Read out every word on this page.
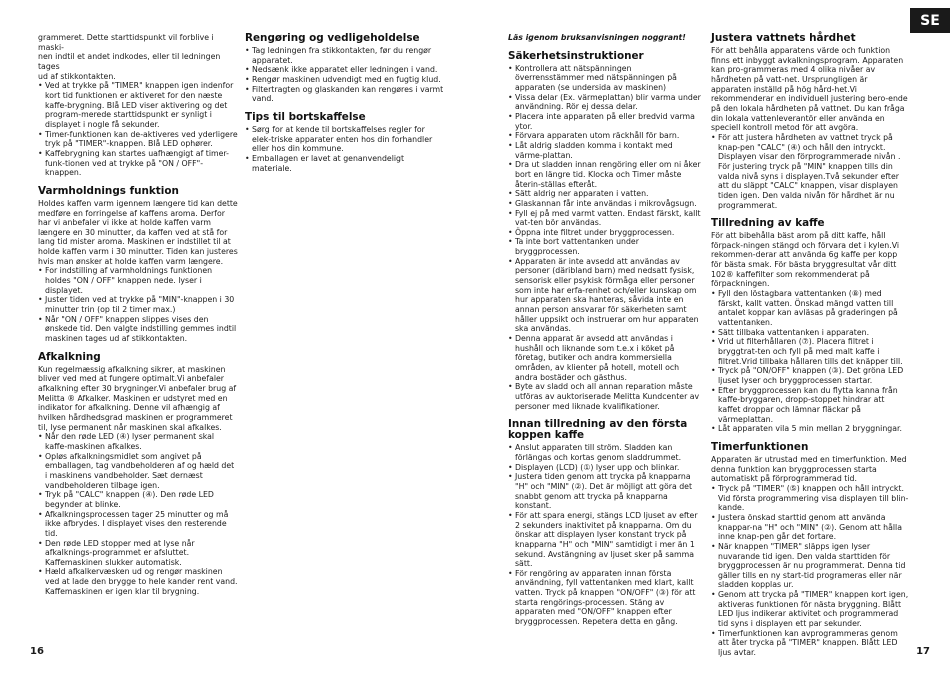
SE

grammeret. Dette starttidspunkt vil forblive i maski-

nen indtil et andet indkodes, eller til ledningen tages

ud af stikkontakten.

• Ved at trykke på "TIMER" knappen igen indenfor kort tid funktionen er aktiveret for den næste kaffe-brygning. Blå LED viser aktivering og det program-merede starttidspunkt er synligt i displayet i nogle få sekunder.
• Timer-funktionen kan de-aktiveres ved yderligere tryk på "TIMER"-knappen. Blå LED ophører.
• Kaffebrygning kan startes uafhængigt af timer-funk-tionen ved at trykke på "ON / OFF"-knappen.
Varmholdnings funktion

Holdes kaffen varm igennem længere tid kan dette medføre en forringelse af kaffens aroma. Derfor har vi anbefaler vi ikke at holde kaffen varm længere en 30 minutter, da kaffen ved at stå for lang tid mister aroma. Maskinen er indstillet til at holde kaffen varm i 30 minutter. Tiden kan justeres hvis man ønsker at holde kaffen varm længere.

• For indstilling af varmholdnings funktionen holdes "ON / OFF" knappen nede. lyser i displayet.
• Juster tiden ved at trykke på "MIN"-knappen i 30 minutter trin (op til 2 timer max.)
• Når "ON / OFF" knappen slippes vises den ønskede tid. Den valgte indstilling gemmes indtil maskinen tages ud af stikkontakten.
Afkalkning

Kun regelmæssig afkalkning sikrer, at maskinen bliver ved med at fungere optimalt.Vi anbefaler afkalkning efter 30 brygninger.Vi anbefaler brug af Melitta ® Afkalker. Maskinen er udstyret med en indikator for afkalkning. Denne vil afhængig af hvilken hårdhedsgrad maskinen er programmeret til, lyse permanent når maskinen skal afkalkes.

• Når den røde LED (④) lyser permanent skal kaffe-maskinen afkalkes.
• Opløs afkalkningsmidlet som angivet på emballagen, tag vandbeholderen af og hæld det i maskinens vandbeholder. Sæt dernæst vandbeholderen tilbage igen.
• Tryk på "CALC" knappen (④). Den røde LED begynder at blinke.
• Afkalkningsprocessen tager 25 minutter og må ikke afbrydes. I displayet vises den resterende tid.
• Den røde LED stopper med at lyse når afkalknings-programmet er afsluttet. Kaffemaskinen slukker automatisk.
• Hæld afkalkervæsken ud og rengør maskinen ved at lade den brygge to hele kander rent vand. Kaffemaskinen er igen klar til brygning.
Rengøring og vedligeholdelse
• Tag ledningen fra stikkontakten, før du rengør apparatet.
• Nedsænk ikke apparatet eller ledningen i vand.
• Rengør maskinen udvendigt med en fugtig klud.
• Filtertragten og glaskanden kan rengøres i varmt vand.
Tips til bortskaffelse
• Sørg for at kende til bortskaffelses regler for elek-triske apparater enten hos din forhandler eller hos din kommune.
• Emballagen er lavet at genanvendeligt materiale.

Läs igenom bruksanvisningen noggrant!

Säkerhetsinstruktioner
• Kontrollera att nätspänningen överrensstämmer med nätspänningen på apparaten (se undersida av maskinen)
• Vissa delar (Ex. värmeplattan) blir varma under användning. Rör ej dessa delar.
• Placera inte apparaten på eller bredvid varma ytor.
• Förvara apparaten utom räckhåll för barn.
• Låt aldrig sladden komma i kontakt med värme-plattan.
• Dra ut sladden innan rengöring eller om ni åker bort en längre tid. Klocka och Timer måste återin-ställas efteråt.
• Sätt aldrig ner apparaten i vatten.
• Glaskannan får inte användas i mikrovågsugn.
• Fyll ej på med varmt vatten. Endast färskt, kallt vat-ten bör användas.
• Öppna inte filtret under bryggprocessen.
• Ta inte bort vattentanken under bryggprocessen.
• Apparaten är inte avsedd att användas av personer (däribland barn) med nedsatt fysisk, sensorisk eller psykisk förmåga eller personer som inte har erfa-renhet och/eller kunskap om hur apparaten ska hanteras, såvida inte en annan person ansvarar för säkerheten samt håller uppsikt och instruerar om hur apparaten ska användas.
• Denna apparat är avsedd att användas i hushåll och liknande som t.e.x i köket på företag, butiker och andra kommersiella områden, av klienter på hotell, motell och andra bostäder och gästhus.
• Byte av sladd och all annan reparation måste utföras av auktoriserade Melitta Kundcenter av personer med liknade kvalifikationer.
Innan tillredning av den första koppen kaffe
• Anslut apparaten till ström. Sladden kan förlängas och kortas genom sladdrummet.
• Displayen (LCD) (①) lyser upp och blinkar.
• Justera tiden genom att trycka på knapparna "H" och "MIN" (②). Det är möjligt att göra det snabbt genom att trycka på knapparna konstant.
• För att spara energi, stängs LCD ljuset av efter 2 sekunders inaktivitet på knapparna. Om du önskar att displayen lyser konstant tryck på knapparna "H" och "MIN" samtidigt i mer än 1 sekund. Avstängning av ljuset sker på samma sätt.
• För rengöring av apparaten innan första användning, fyll vattentanken med klart, kallt vatten. Tryck på knappen "ON/OFF" (③) för att starta rengörings-processen. Stäng av apparaten med "ON/OFF" knappen efter bryggprocessen. Repetera detta en gång.
Justera vattnets hårdhet

För att behålla apparatens värde och funktion finns ett inbyggt avkalkningsprogram. Apparaten kan pro-grammeras med 4 olika nivåer av hårdheten på vatt-net. Ursprungligen är apparaten inställd på hög hård-het.Vi rekommenderar en individuell justering bero-ende på den lokala hårdheten på vattnet. Du kan fråga din lokala vattenleverantör eller använda en speciell kontroll metod för att avgöra.

• För att justera hårdheten av vattnet tryck på knap-pen "CALC" (④) och håll den intryckt. Displayen visar den förprogrammerade nivån . För justering tryck på "MIN" knappen tills din valda nivå syns i displayen.Två sekunder efter att du släppt "CALC" knappen, visar displayen tiden igen. Den valda nivån för hårdhet är nu programmerat.
Tillredning av kaffe

För att bibehålla bäst arom på ditt kaffe, håll förpack-ningen stängd och förvara det i kylen.Vi rekommen-derar att använda 6g kaffe per kopp för bästa smak. För bästa bryggresultat vår ditt 102® kaffefilter som rekommenderat på förpackningen.

• Fyll den löstagbara vattentanken (⑧) med färskt, kallt vatten. Önskad mängd vatten till antalet koppar kan avläsas på graderingen på vattentanken.
• Sätt tillbaka vattentanken i apparaten.
• Vrid ut filterhållaren (⑦). Placera filtret i bryggtrat-ten och fyll på med malt kaffe i filtret.Vrid tillbaka hållaren tills det knäpper till.
• Tryck på "ON/OFF" knappen (③). Det gröna LED ljuset lyser och bryggprocessen startar.
• Efter bryggprocessen kan du flytta kanna från kaffe-bryggaren, dropp-stoppet hindrar att kaffet droppar och lämnar fläckar på värmeplattan.
• Låt apparaten vila 5 min mellan 2 bryggningar.
Timerfunktionen

Apparaten är utrustad med en timerfunktion. Med denna funktion kan bryggprocessen starta automatiskt på förprogrammerad tid.

• Tryck på "TIMER" (⑤) knappen och håll intryckt. Vid första programmering visa displayen till blin-kande.
• Justera önskad starttid genom att använda knappar-na "H" och "MIN" (②). Genom att hålla inne knap-pen går det fortare.
• När knappen "TIMER" släpps igen lyser nuvarande tid igen. Den valda starttiden för bryggprocessen är nu programmerat. Denna tid gäller tills en ny start-tid programeras eller när sladden kopplas ur.
• Genom att trycka på "TIMER" knappen kort igen, aktiveras funktionen för nästa bryggning. Blått LED ljus indikerar aktivitet och programmerad tid syns i displayen ett par sekunder.
• Timerfunktionen kan avprogrammeras genom att åter trycka på "TIMER" knappen. Blått LED ljus avtar.
16	17
